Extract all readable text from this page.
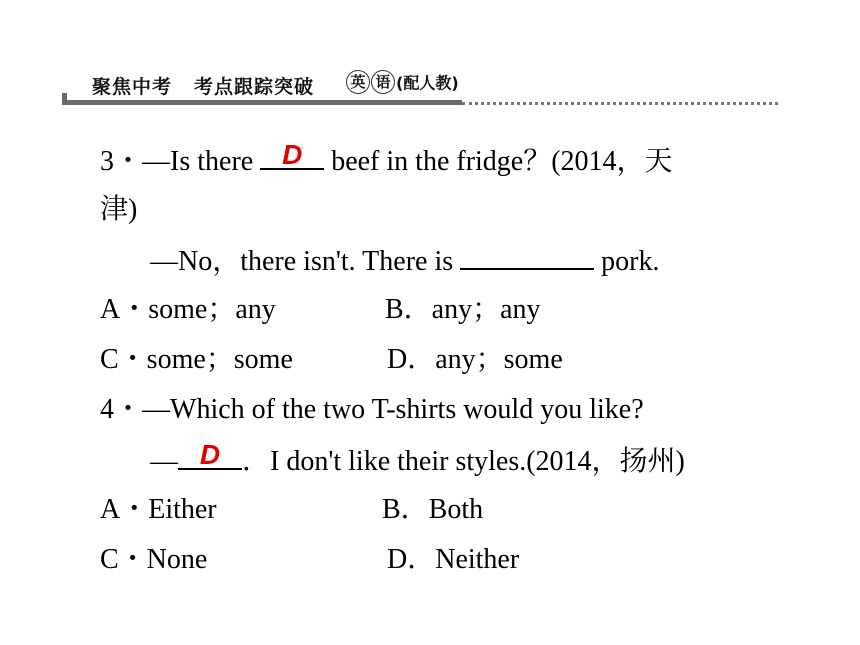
聚焦中考 考点跟踪突破 英 语 (配人教)
3・—Is there D beef in the fridge？(2014，天
津)
—No，there isn't. There is	pork.
A・some；any	B．any；any
C・some；some	D．any；some
4・—Which of the two T-shirts would you like?
— D ．I don't like their styles.(2014，扬州)
A・Either	B．Both
C・None	D．Neither
